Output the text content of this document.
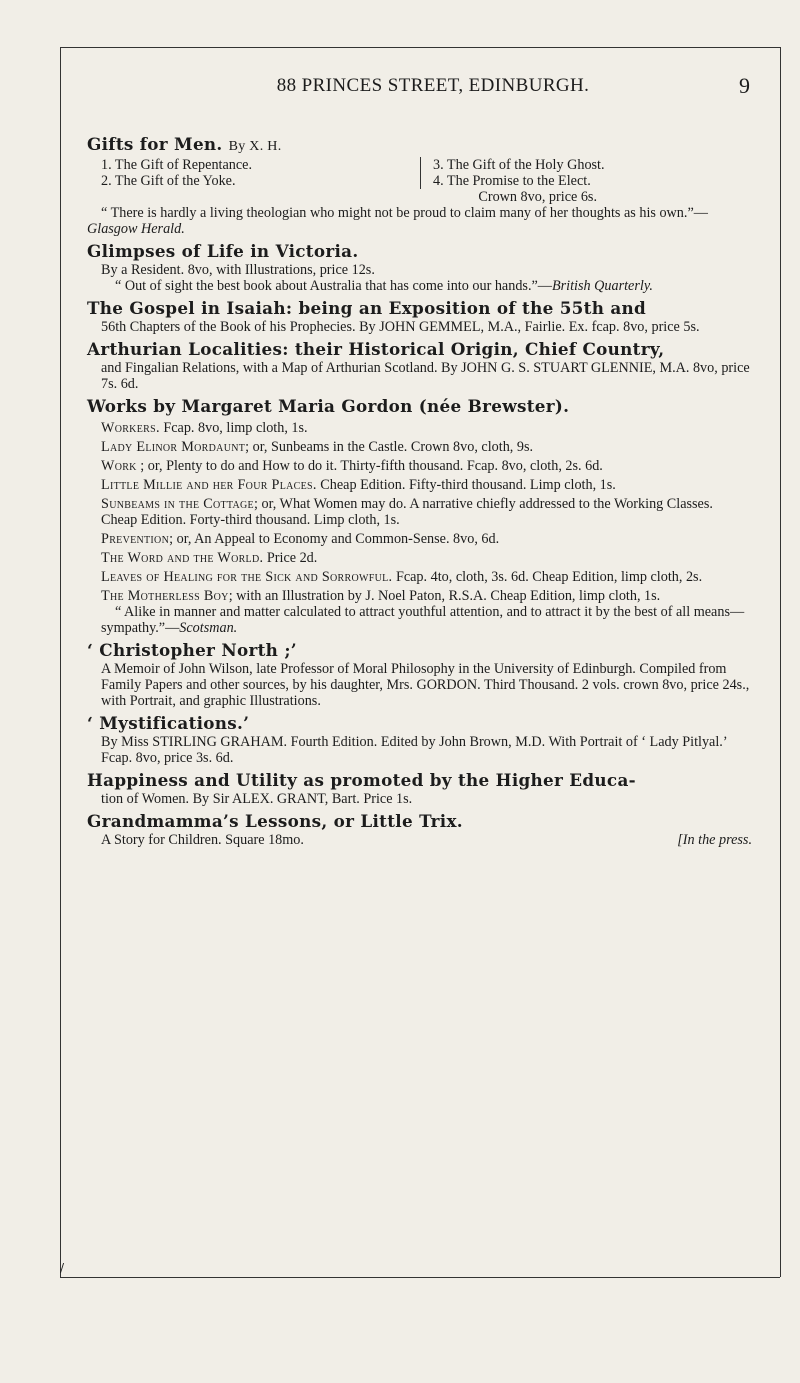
88 PRINCES STREET, EDINBURGH.	9
Gifts for Men. By X. H.
1. The Gift of Repentance.
2. The Gift of the Yoke.
3. The Gift of the Holy Ghost.
4. The Promise to the Elect.
Crown 8vo, price 6s.
“ There is hardly a living theologian who might not be proud to claim many of her thoughts as his own.”—Glasgow Herald.
Glimpses of Life in Victoria.
By a Resident. 8vo, with Illustrations, price 12s.
“ Out of sight the best book about Australia that has come into our hands.”—British Quarterly.
The Gospel in Isaiah: being an Exposition of the 55th and
56th Chapters of the Book of his Prophecies. By JOHN GEMMEL, M.A., Fairlie. Ex. fcap. 8vo, price 5s.
Arthurian Localities: their Historical Origin, Chief Country,
and Fingalian Relations, with a Map of Arthurian Scotland. By JOHN G. S. STUART GLENNIE, M.A. 8vo, price 7s. 6d.
Works by Margaret Maria Gordon (née Brewster).
Workers. Fcap. 8vo, limp cloth, 1s.
Lady Elinor Mordaunt; or, Sunbeams in the Castle. Crown 8vo, cloth, 9s.
Work ; or, Plenty to do and How to do it. Thirty-fifth thousand. Fcap. 8vo, cloth, 2s. 6d.
Little Millie and her Four Places. Cheap Edition. Fifty-third thousand. Limp cloth, 1s.
Sunbeams in the Cottage; or, What Women may do. A narrative chiefly addressed to the Working Classes. Cheap Edition. Forty-third thousand. Limp cloth, 1s.
Prevention; or, An Appeal to Economy and Common-Sense. 8vo, 6d.
The Word and the World. Price 2d.
Leaves of Healing for the Sick and Sorrowful. Fcap. 4to, cloth, 3s. 6d. Cheap Edition, limp cloth, 2s.
The Motherless Boy; with an Illustration by J. Noel Paton, R.S.A. Cheap Edition, limp cloth, 1s.
“ Alike in manner and matter calculated to attract youthful attention, and to attract it by the best of all means—sympathy.”—Scotsman.
‘ Christopher North ;’
A Memoir of John Wilson, late Professor of Moral Philosophy in the University of Edinburgh. Compiled from Family Papers and other sources, by his daughter, Mrs. GORDON. Third Thousand. 2 vols. crown 8vo, price 24s., with Portrait, and graphic Illustrations.
‘ Mystifications.’
By Miss STIRLING GRAHAM. Fourth Edition. Edited by John Brown, M.D. With Portrait of ‘ Lady Pitlyal.’ Fcap. 8vo, price 3s. 6d.
Happiness and Utility as promoted by the Higher Educa-
tion of Women. By Sir ALEX. GRANT, Bart. Price 1s.
Grandmamma’s Lessons, or Little Trix.
A Story for Children. Square 18mo.	[In the press.
/
